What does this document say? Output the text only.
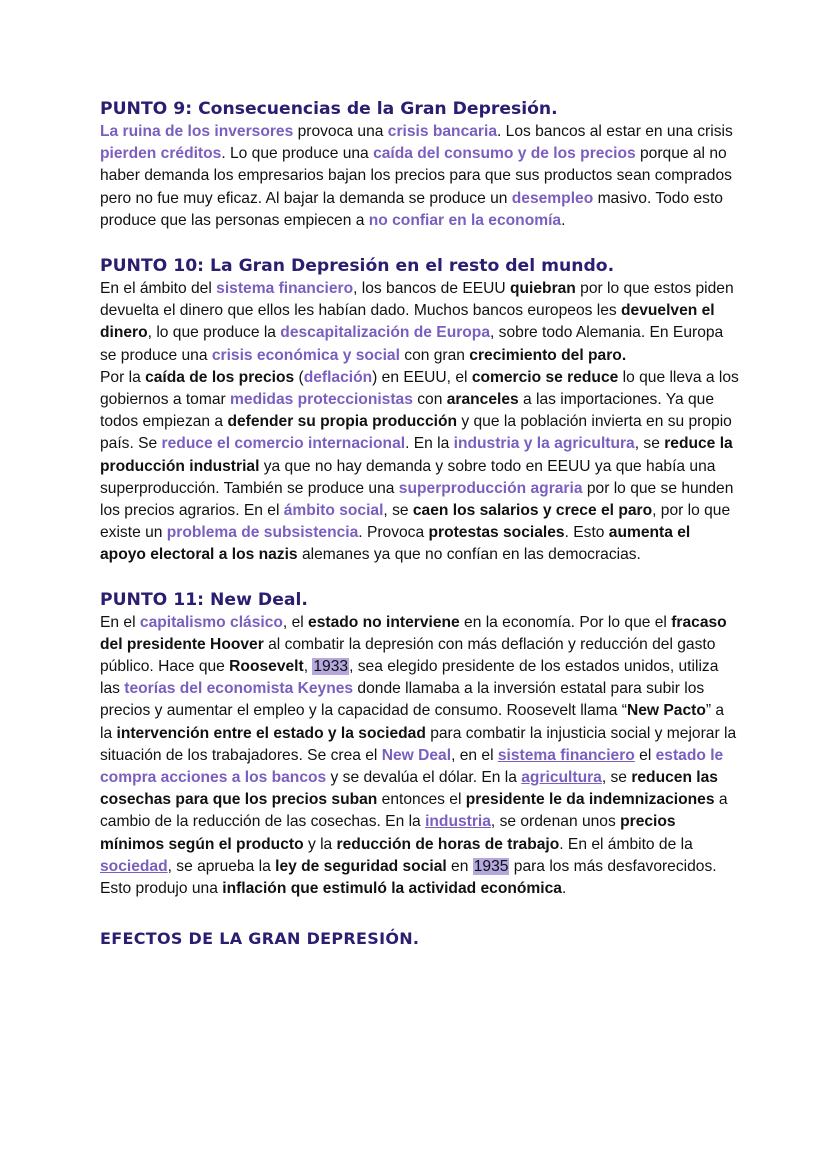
PUNTO 9: Consecuencias de la Gran Depresión.

La ruina de los inversores provoca una crisis bancaria. Los bancos al estar en una crisis pierden créditos. Lo que produce una caída del consumo y de los precios porque al no haber demanda los empresarios bajan los precios para que sus productos sean comprados pero no fue muy eficaz. Al bajar la demanda se produce un desempleo masivo. Todo esto produce que las personas empiecen a no confiar en la economía.

PUNTO 10: La Gran Depresión en el resto del mundo.

En el ámbito del sistema financiero, los bancos de EEUU quiebran por lo que estos piden devuelta el dinero que ellos les habían dado. Muchos bancos europeos les devuelven el dinero, lo que produce la descapitalización de Europa, sobre todo Alemania. En Europa se produce una crisis económica y social con gran crecimiento del paro.

Por la caída de los precios (deflación) en EEUU, el comercio se reduce lo que lleva a los gobiernos a tomar medidas proteccionistas con aranceles a las importaciones. Ya que todos empiezan a defender su propia producción y que la población invierta en su propio país. Se reduce el comercio internacional. En la industria y la agricultura, se reduce la producción industrial ya que no hay demanda y sobre todo en EEUU ya que había una superproducción. También se produce una superproducción agraria por lo que se hunden los precios agrarios. En el ámbito social, se caen los salarios y crece el paro, por lo que existe un problema de subsistencia. Provoca protestas sociales. Esto aumenta el apoyo electoral a los nazis alemanes ya que no confían en las democracias.

PUNTO 11: New Deal.

En el capitalismo clásico, el estado no interviene en la economía. Por lo que el fracaso del presidente Hoover al combatir la depresión con más deflación y reducción del gasto público. Hace que Roosevelt, 1933, sea elegido presidente de los estados unidos, utiliza las teorías del economista Keynes donde llamaba a la inversión estatal para subir los precios y aumentar el empleo y la capacidad de consumo. Roosevelt llama “New Pacto” a la intervención entre el estado y la sociedad para combatir la injusticia social y mejorar la situación de los trabajadores. Se crea el New Deal, en el sistema financiero el estado le compra acciones a los bancos y se devalúa el dólar. En la agricultura, se reducen las cosechas para que los precios suban entonces el presidente le da indemnizaciones a cambio de la reducción de las cosechas. En la industria, se ordenan unos precios mínimos según el producto y la reducción de horas de trabajo. En el ámbito de la sociedad, se aprueba la ley de seguridad social en 1935 para los más desfavorecidos.

Esto produjo una inflación que estimuló la actividad económica.

EFECTOS DE LA GRAN DEPRESIÓN.
